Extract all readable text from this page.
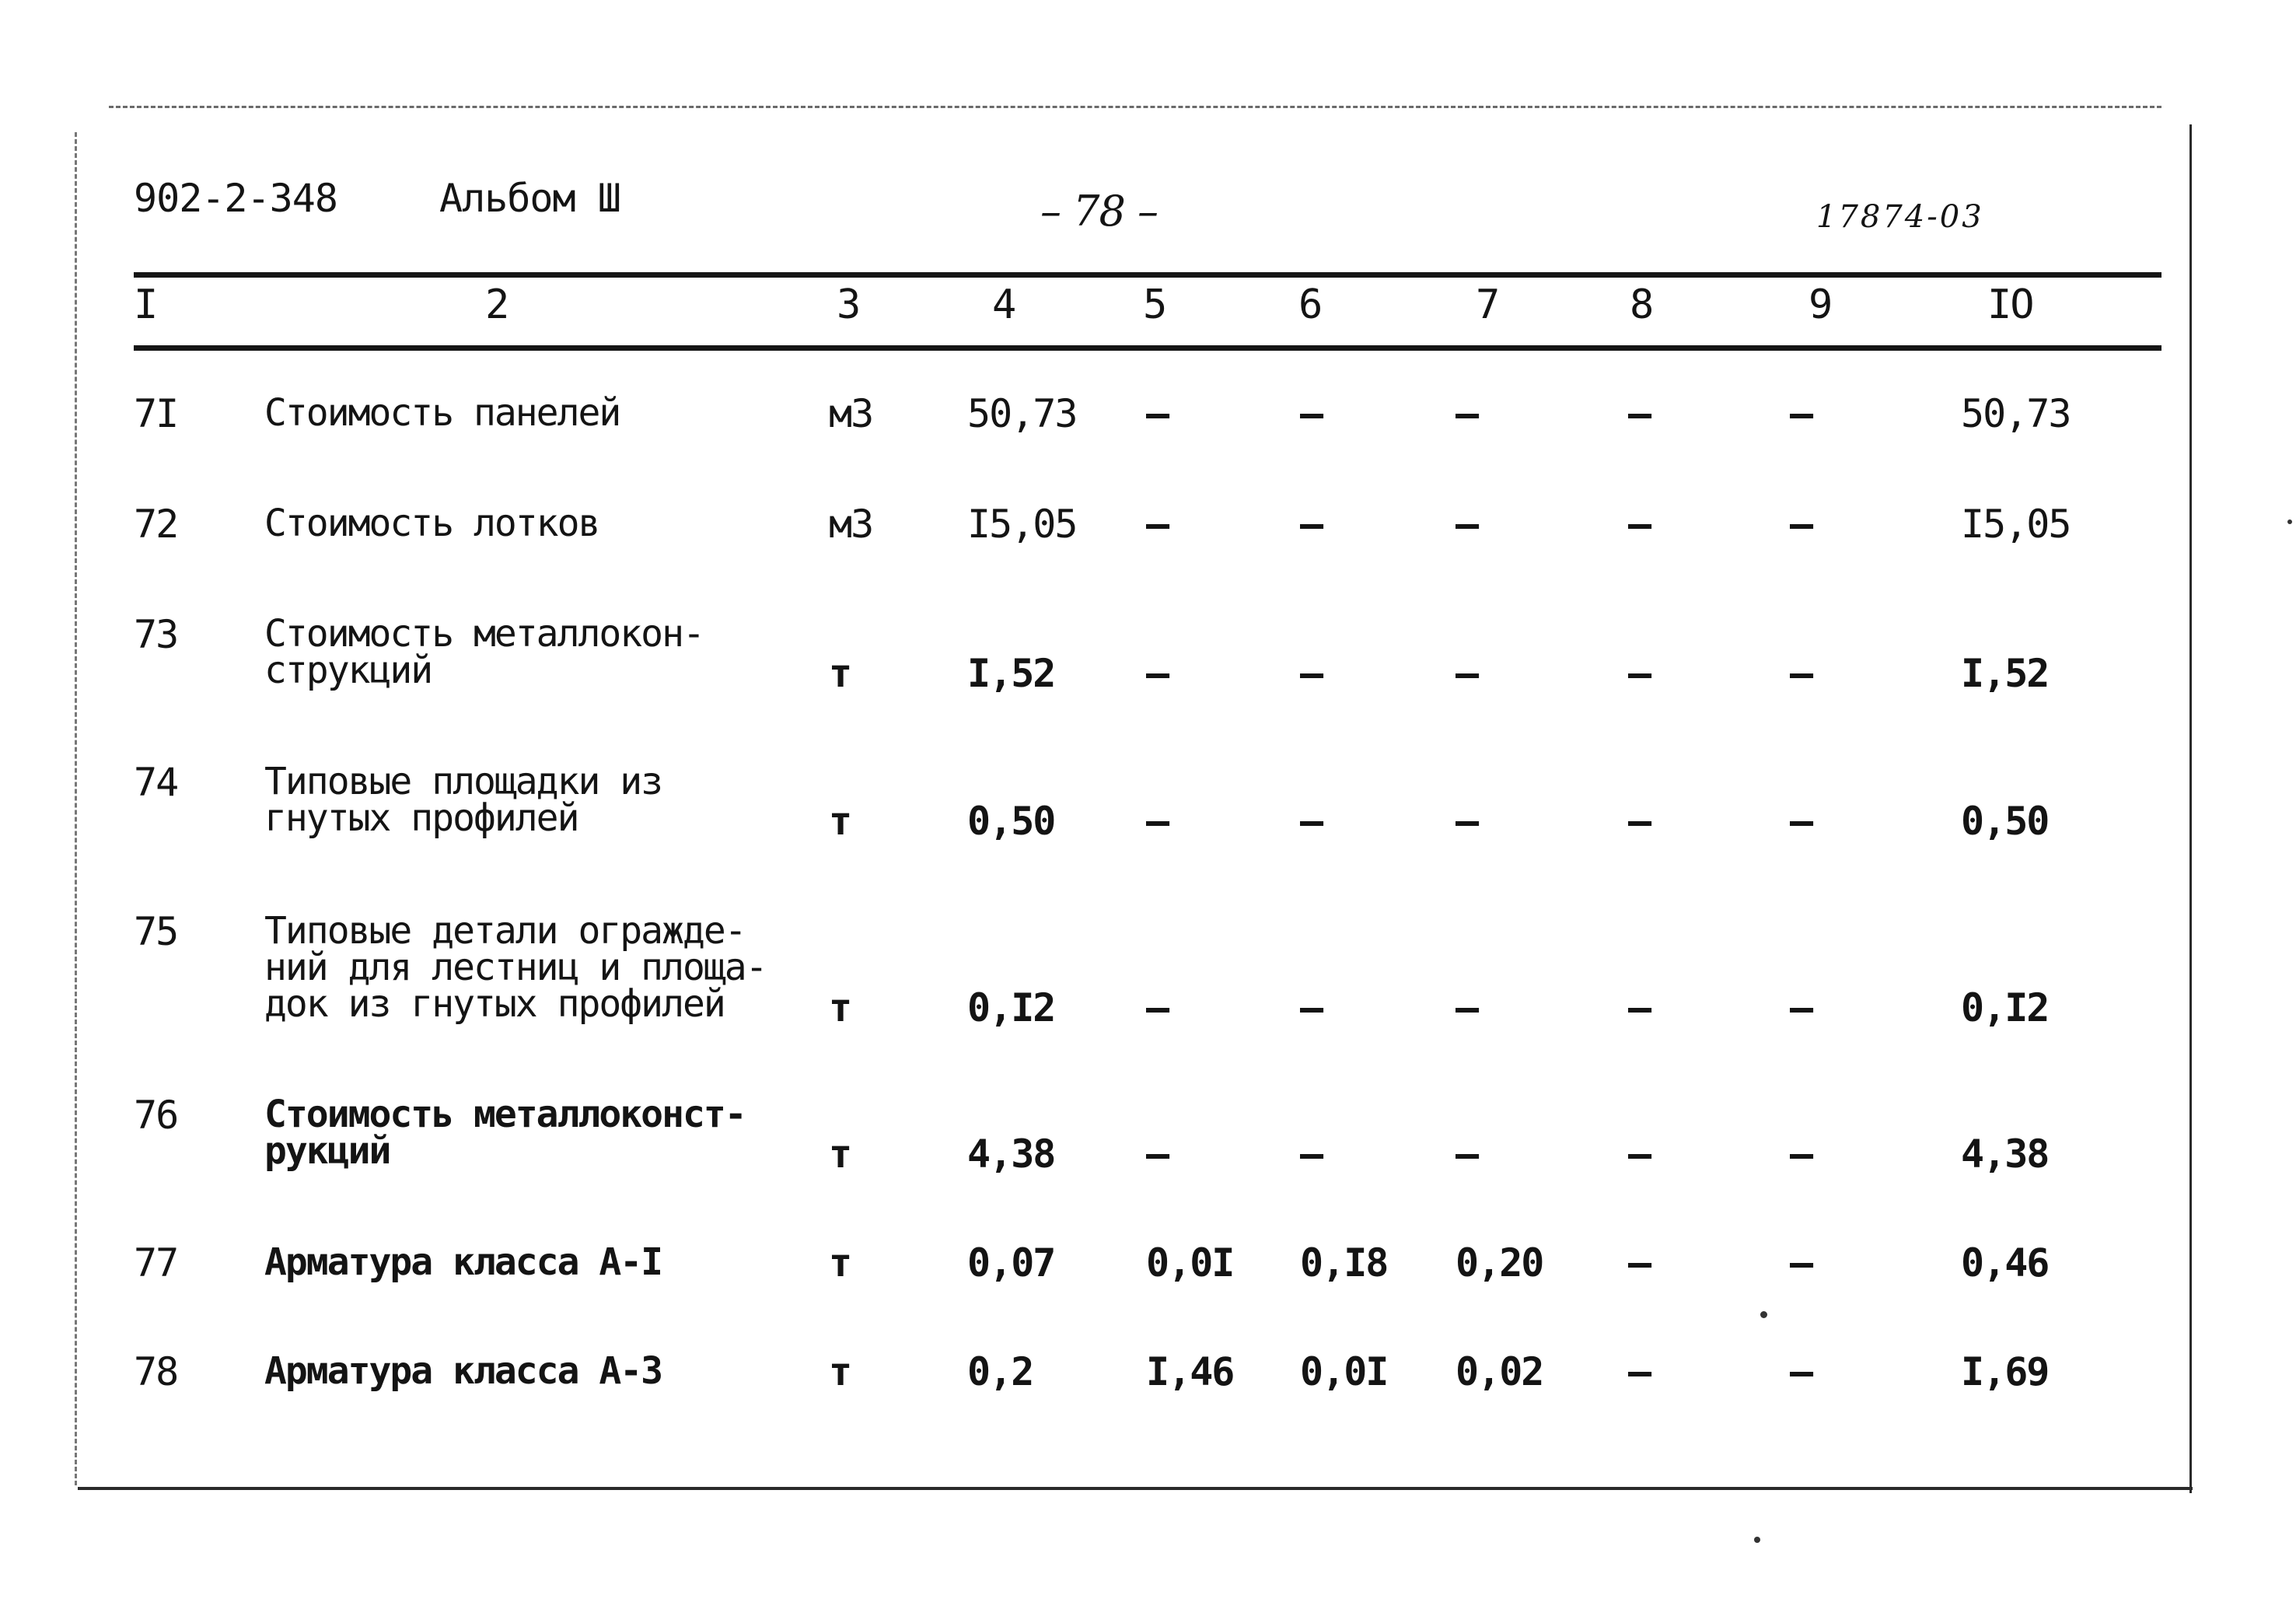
902-2-348	Альбом Ш	– 78 –	17874-03
I	2	3	4	5	6	7	8	9	IO
7I Стоимость панелей	м3 50,73 –	–	–	–	–	50,73
72 Стоимость лотков	м3 I5,05 –	–	–	–	–	I5,05
73 Стоимость металлокон-
струкций	т	I,52 –	–	–	–	–	I,52
74 Типовые площадки из
гнутых профилей	т	0,50 –	–	–	–	–	0,50
75 Типовые детали огражде-
ний для лестниц и площа-
док из гнутых профилей	т	0,I2 –	–	–	–	–	0,I2
76 Стоимость металлоконст-
рукций	т	4,38 –	–	–	–	–	4,38
77 Арматура класса А-I	т	0,07 0,0I 0,I8 0,20 –	–	0,46
78 Арматура класса А-3	т	0,2	I,46 0,0I 0,02 –	–	I,69
